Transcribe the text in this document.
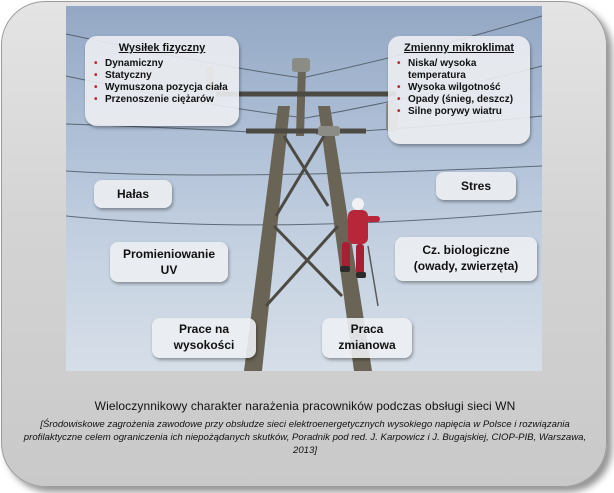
Wysiłek fizyczny
• Dynamiczny
• Statyczny
• Wymuszona pozycja ciała
• Przenoszenie ciężarów
Zmienny mikroklimat
• Niska/ wysoka temperatura
• Wysoka wilgotność
• Opady (śnieg, deszcz)
• Silne porywy wiatru
Hałas
Stres
Promieniowanie UV
Cz. biologiczne (owady, zwierzęta)
Prace na wysokości
Praca zmianowa
Wieloczynnikowy charakter narażenia pracowników podczas obsługi sieci WN
[Środowiskowe zagrożenia zawodowe przy obsłudze sieci elektroenergetycznych wysokiego napięcia w Polsce i rozwiązania profilaktyczne celem ograniczenia ich niepożądanych skutków, Poradnik pod red. J. Karpowicz i J. Bugajskiej, CIOP-PIB, Warszawa, 2013]
